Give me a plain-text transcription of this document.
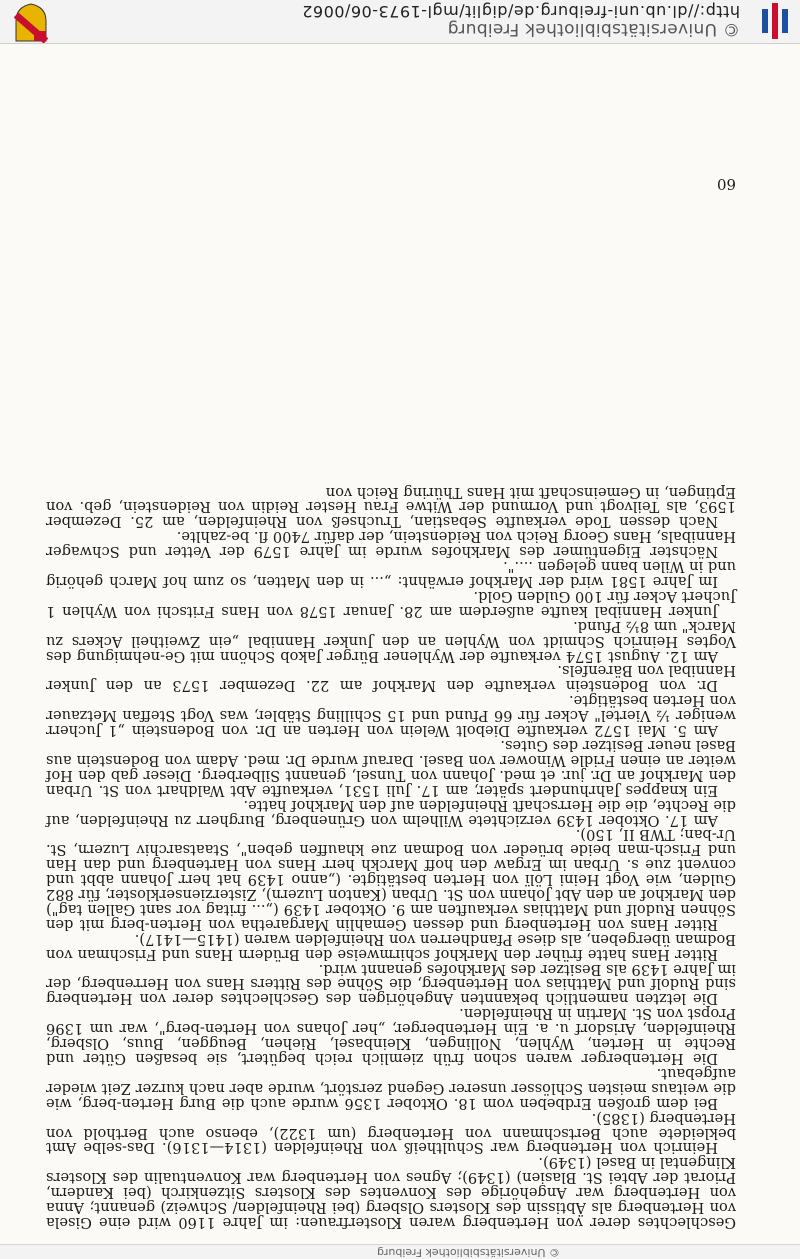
© Universitätsbibliothek Freiburg

Geschlechtes derer von Hertenberg waren Klosterfrauen: im Jahre 1160 wird eine Gisela von Hertenberg als Äbtissin des Klosters Olsberg (bei Rheinfelden/ Schweiz) genannt; Anna von Hertenberg war Angehörige des Konventes des Klosters Sitzenkirch (bei Kandern, Priorat der Abtei St. Blasien) (1349); Agnes von Hertenberg war Konventualin des Klosters Klingental in Basel (1349).

Heinrich von Hertenberg war Schultheiß von Rheinfelden (1314—1316). Das-selbe Amt bekleidete auch Bertschmann von Hertenberg (um 1322), ebenso auch Berthold von Hertenberg (1385).

Bei dem großen Erdbeben vom 18. Oktober 1356 wurde auch die Burg Herten-berg, wie die weitaus meisten Schlösser unserer Gegend zerstört, wurde aber nach kurzer Zeit wieder aufgebaut.

Die Hertenberger waren schon früh ziemlich reich begütert, sie besaßen Güter und Rechte in Herten, Wyhlen, Nollingen, Kleinbasel, Riehen, Beuggen, Buus, Olsberg, Rheinfelden, Arisdorf u. a. Ein Hertenberger, „her Johans von Herten-berg", war um 1396 Propst von St. Martin in Rheinfelden.

Die letzten namentlich bekannten Angehörigen des Geschlechtes derer von Hertenberg sind Rudolf und Matthias von Hertenberg, die Söhne des Ritters Hans von Herrenberg, der im Jahre 1439 als Besitzer des Markhofes genannt wird.

Ritter Hans hatte früher den Markhof schirmweise den Brüdern Hans und Frischman von Bodman übergeben, als diese Pfandherren von Rheinfelden waren (1415—1417).

Ritter Hans von Hertenberg und dessen Gemahlin Margaretha von Herten-berg mit den Söhnen Rudolf und Matthias verkauften am 9. Oktober 1439 („... fritag vor sant Gallen tag") den Markhof an den Abt Johann von St. Urban (Kanton Luzern), Zisterzienserkloster, für 882 Gulden, wie Vogt Heini Lölï von Herten bestätigte. („anno 1439 hat herr Johann abbt und convent zue s. Urban im Ergaw den hoff Marckh herr Hans von Hartenberg und dan Han und Frisch-man beide brüeder von Bodman zue khauffen geben", Staatsarchiv Luzern, St. Ur-ban; TWB II, 150).

Am 17. Oktober 1439 verzichtete Wilhelm von Grünenberg, Burgherr zu Rheinfelden, auf die Rechte, die die Herrschaft Rheinfelden auf den Markhof hatte.

Ein knappes Jahrhundert später, am 17. Juli 1531, verkaufte Abt Waldhart von St. Urban den Markhof an Dr. jur. et med. Johann von Tunsel, genannt Silberberg. Dieser gab den Hof weiter an einen Fridle Winower von Basel. Darauf wurde Dr. med. Adam von Bodenstein aus Basel neuer Besitzer des Gutes.

Am 5. Mai 1572 verkaufte Diebolt Welein von Herten an Dr. von Bodenstein „1 Jucherr weniger ½ Viertel" Acker für 66 Pfund und 15 Schilling Stäbler, was Vogt Steffan Metzauer von Herten bestätigte.

Dr. von Bodenstein verkaufte den Markhof am 22. Dezember 1573 an den Junker Hannibal von Bärenfels.

Am 12. August 1574 verkaufte der Wyhlener Bürger Jakob Schönn mit Ge-nehmigung des Vogtes Heinrich Schmidt von Wyhlen an den Junker Hannibal „ein Zweitheil Ackers zu Marck" um 8½ Pfund.

Junker Hannibal kaufte außerdem am 28. Januar 1578 von Hans Fritschi von Wyhlen 1 Juchert Acker für 100 Gulden Gold.

Im Jahre 1581 wird der Markhof erwähnt: „... in den Matten, so zum hof March gehörig und in Wilen bann gelegen ....".

Nächster Eigentümer des Markhofes wurde im Jahre 1579 der Vetter und Schwager Hannibals, Hans Georg Reich von Reidenstein, der dafür 7400 fl. be-zahlte.

Nach dessen Tode verkaufte Sebastian, Truchseß von Rheinfelden, am 25. Dezember 1593, als Teilvogt und Vormund der Witwe Frau Hester Reidin von Reidenstein, geb. von Eptingen, in Gemeinschaft mit Hans Thüring Reich von

60
© Universitätsbibliothek Freiburg
http://dl.ub.uni-freiburg.de/diglit/mgl-1973-06/0062
